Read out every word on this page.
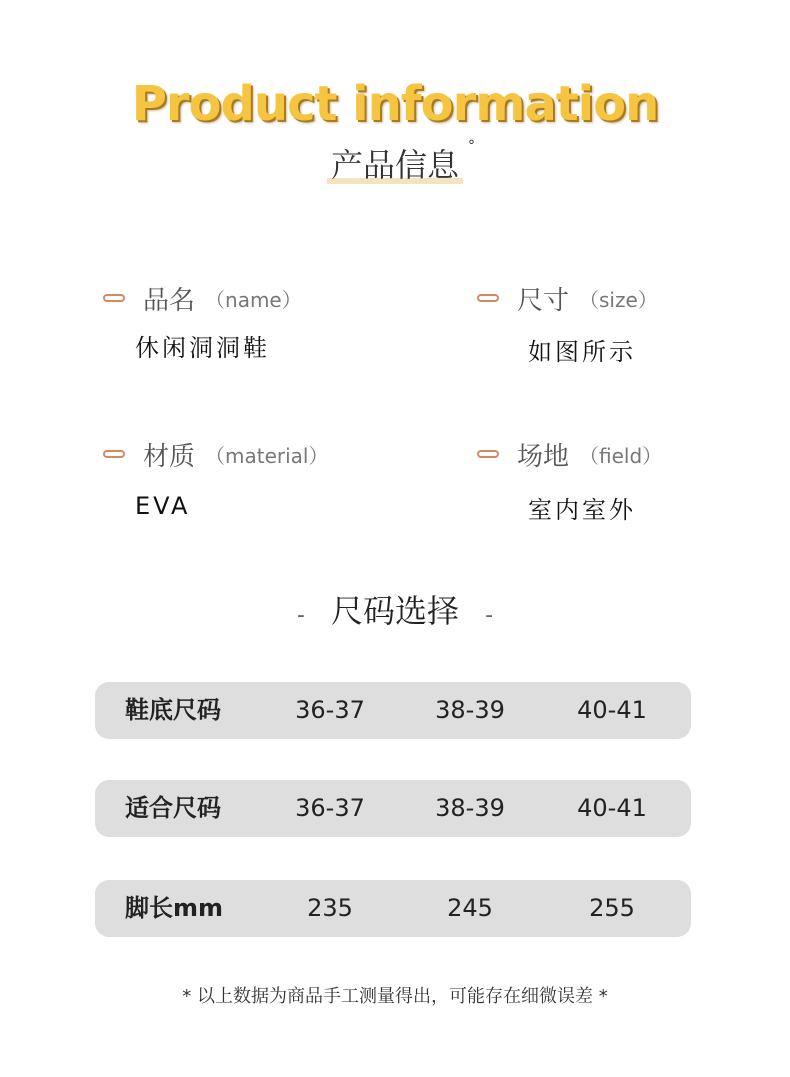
Product information
产品信息 °
品名 （name）
休闲洞洞鞋
尺寸 （size）
如图所示
材质 （material）
EVA
场地 （field）
室内室外
- 尺码选择 -
鞋底尺码	36-37	38-39	40-41
适合尺码	36-37	38-39	40-41
脚长mm	235	245	255
* 以上数据为商品手工测量得出，可能存在细微误差 *
